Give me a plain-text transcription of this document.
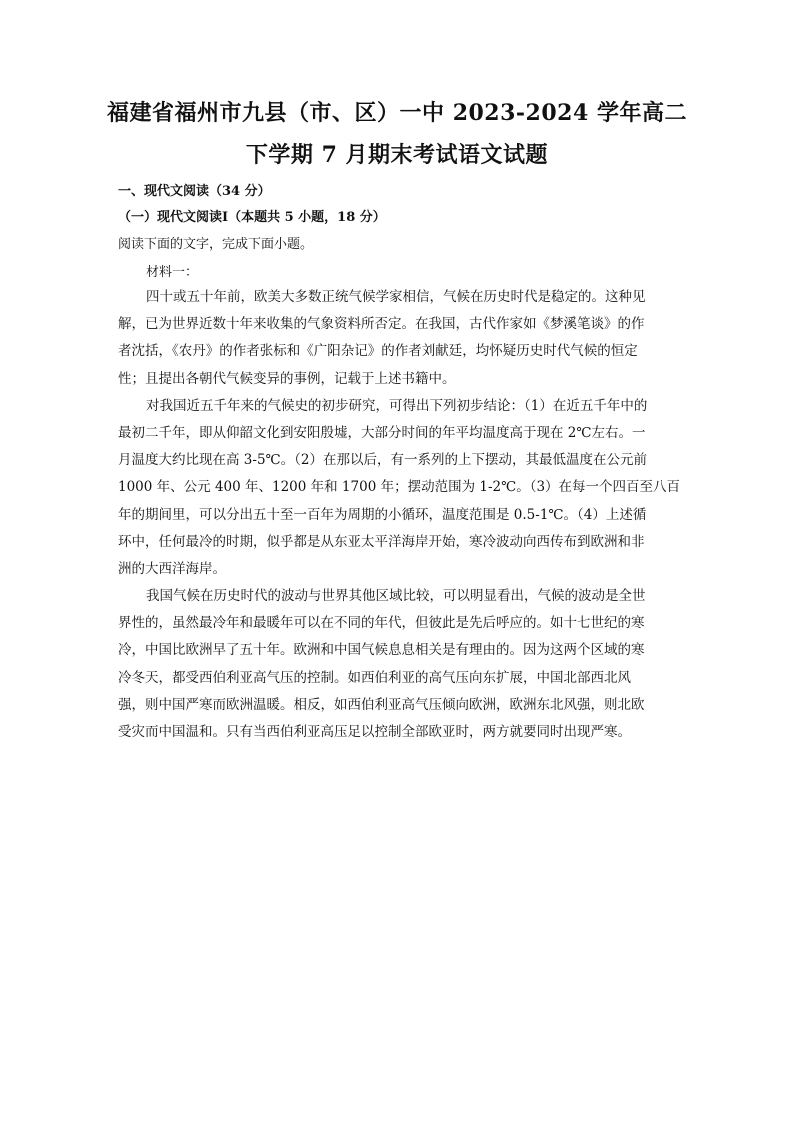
福建省福州市九县（市、区）一中 2023-2024 学年高二
下学期 7 月期末考试语文试题
一、现代文阅读（34 分）
（一）现代文阅读Ⅰ（本题共 5 小题，18 分）
阅读下面的文字，完成下面小题。
材料一：
四十或五十年前，欧美大多数正统气候学家相信，气候在历史时代是稳定的。这种见
解，已为世界近数十年来收集的气象资料所否定。在我国，古代作家如《梦溪笔谈》的作
者沈括，《农丹》的作者张标和《广阳杂记》的作者刘献廷，均怀疑历史时代气候的恒定
性；且提出各朝代气候变异的事例，记载于上述书籍中。
对我国近五千年来的气候史的初步研究，可得出下列初步结论：（1）在近五千年中的
最初二千年，即从仰韶文化到安阳殷墟，大部分时间的年平均温度高于现在 2℃左右。一
月温度大约比现在高 3-5℃。（2）在那以后，有一系列的上下摆动，其最低温度在公元前
1000 年、公元 400 年、1200 年和 1700 年；摆动范围为 1-2℃。（3）在每一个四百至八百
年的期间里，可以分出五十至一百年为周期的小循环，温度范围是 0.5-1℃。（4）上述循
环中，任何最冷的时期，似乎都是从东亚太平洋海岸开始，寒冷波动向西传布到欧洲和非
洲的大西洋海岸。
我国气候在历史时代的波动与世界其他区域比较，可以明显看出，气候的波动是全世
界性的，虽然最冷年和最暖年可以在不同的年代，但彼此是先后呼应的。如十七世纪的寒
冷，中国比欧洲早了五十年。欧洲和中国气候息息相关是有理由的。因为这两个区域的寒
冷冬天，都受西伯利亚高气压的控制。如西伯利亚的高气压向东扩展，中国北部西北风
强，则中国严寒而欧洲温暖。相反，如西伯利亚高气压倾向欧洲，欧洲东北风强，则北欧
受灾而中国温和。只有当西伯利亚高压足以控制全部欧亚时，两方就要同时出现严寒。
